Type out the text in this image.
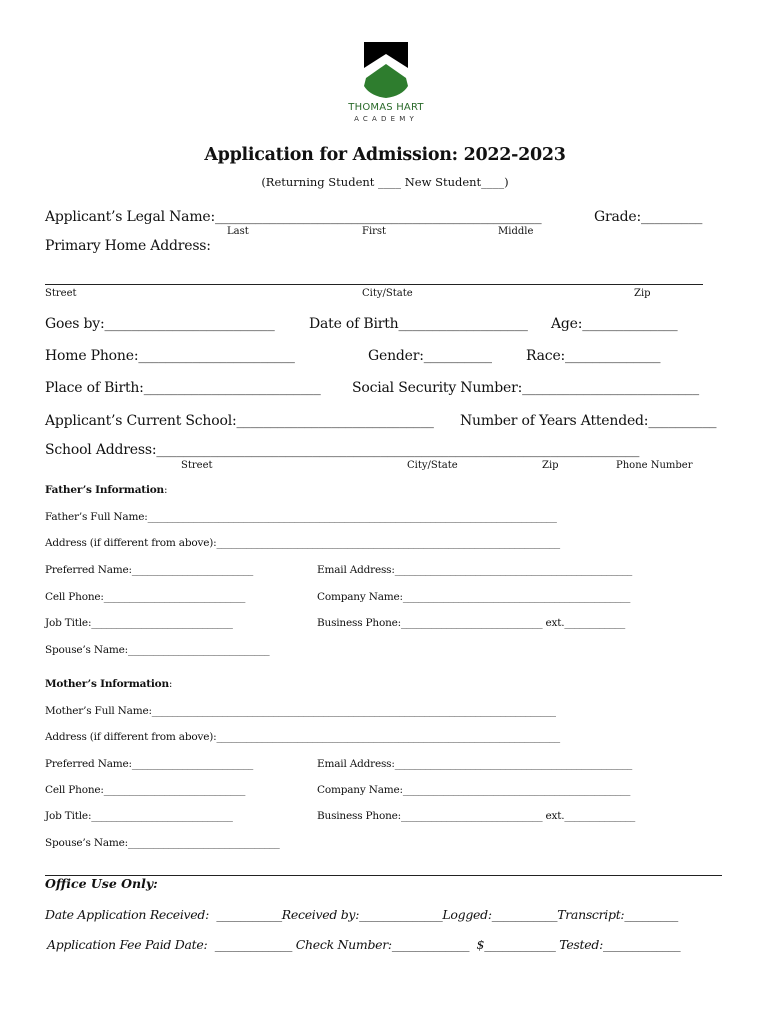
THOMAS HART
ACADEMY
Application for Admission: 2022-2023
(Returning Student ____ New Student____)
Applicant’s Legal Name:________________________________________________	Grade:_________
Last	First	Middle
Primary Home Address:
Street	City/State	Zip
Goes by:_________________________ Date of Birth___________________ Age:______________
Home Phone:_______________________	Gender:__________ Race:______________
Place of Birth:__________________________ Social Security Number:__________________________
Applicant’s Current School:_____________________________ Number of Years Attended:__________
School Address:_______________________________________________________________________
Street	City/State	Zip	Phone Number
Father’s Information:
Father’s Full Name:_________________________________________________________________________________
Address (if different from above):____________________________________________________________________
Preferred Name:________________________	Email Address:_______________________________________________
Cell Phone:____________________________	Company Name:_____________________________________________
Job Title:____________________________	Business Phone:____________________________ ext.____________
Spouse’s Name:____________________________
Mother’s Information:
Mother’s Full Name:________________________________________________________________________________
Address (if different from above):____________________________________________________________________
Preferred Name:________________________	Email Address:_______________________________________________
Cell Phone:____________________________	Company Name:_____________________________________________
Job Title:____________________________	Business Phone:____________________________ ext.______________
Spouse’s Name:______________________________
Office Use Only:
Date Application Received:  ___________Received by:______________Logged:___________Transcript:_________
Application Fee Paid Date:  _____________ Check Number:_____________  $____________ Tested:_____________
